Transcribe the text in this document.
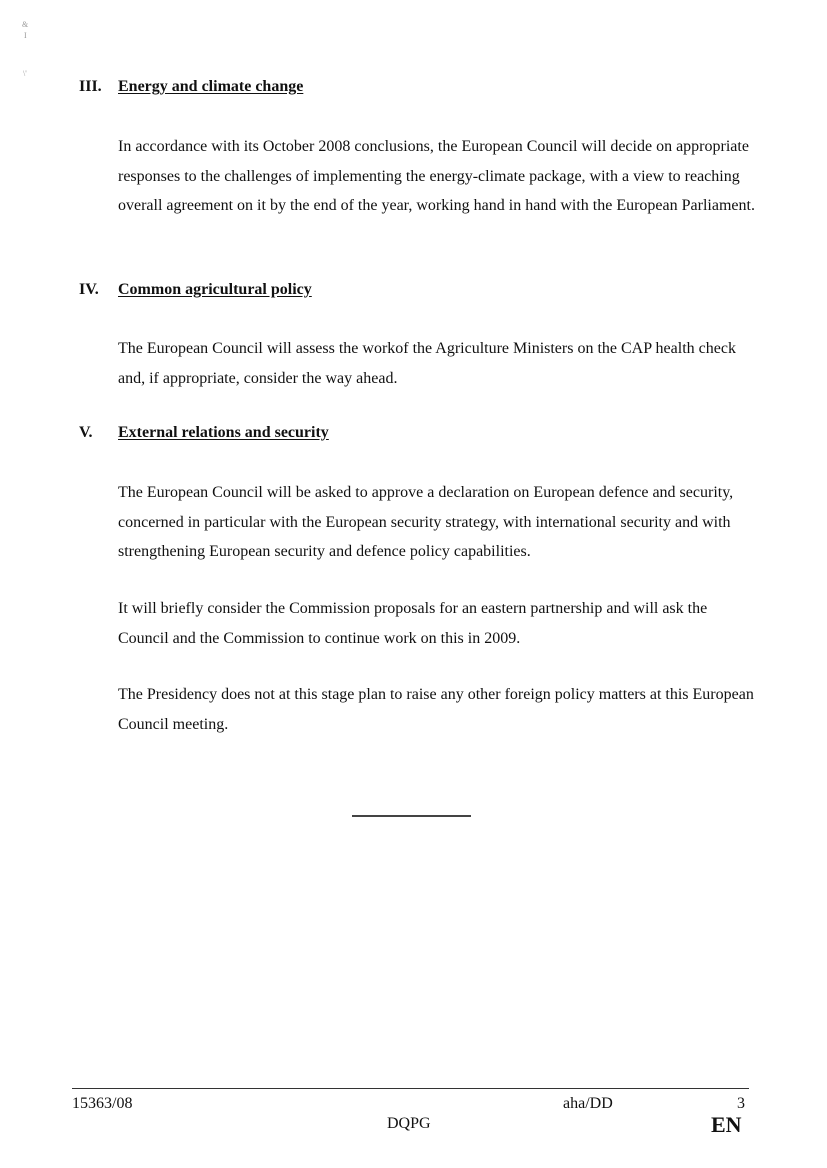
&
I
\'
III.	Energy and climate change

In accordance with its October 2008 conclusions, the European Council will decide on appropriate responses to the challenges of implementing the energy-climate package, with a view to reaching overall agreement on it by the end of the year, working hand in hand with the European Parliament.

IV.	Common agricultural policy

The European Council will assess the workof the Agriculture Ministers on the CAP health check and, if appropriate, consider the way ahead.

V.	External relations and security

The European Council will be asked to approve a declaration on European defence and security, concerned in particular with the European security strategy, with international security and with strengthening European security and defence policy capabilities.

It will briefly consider the Commission proposals for an eastern partnership and will ask the Council and the Commission to continue work on this in 2009.

The Presidency does not at this stage plan to raise any other foreign policy matters at this European Council meeting.

15363/08	aha/DD	3
DQPG	EN
